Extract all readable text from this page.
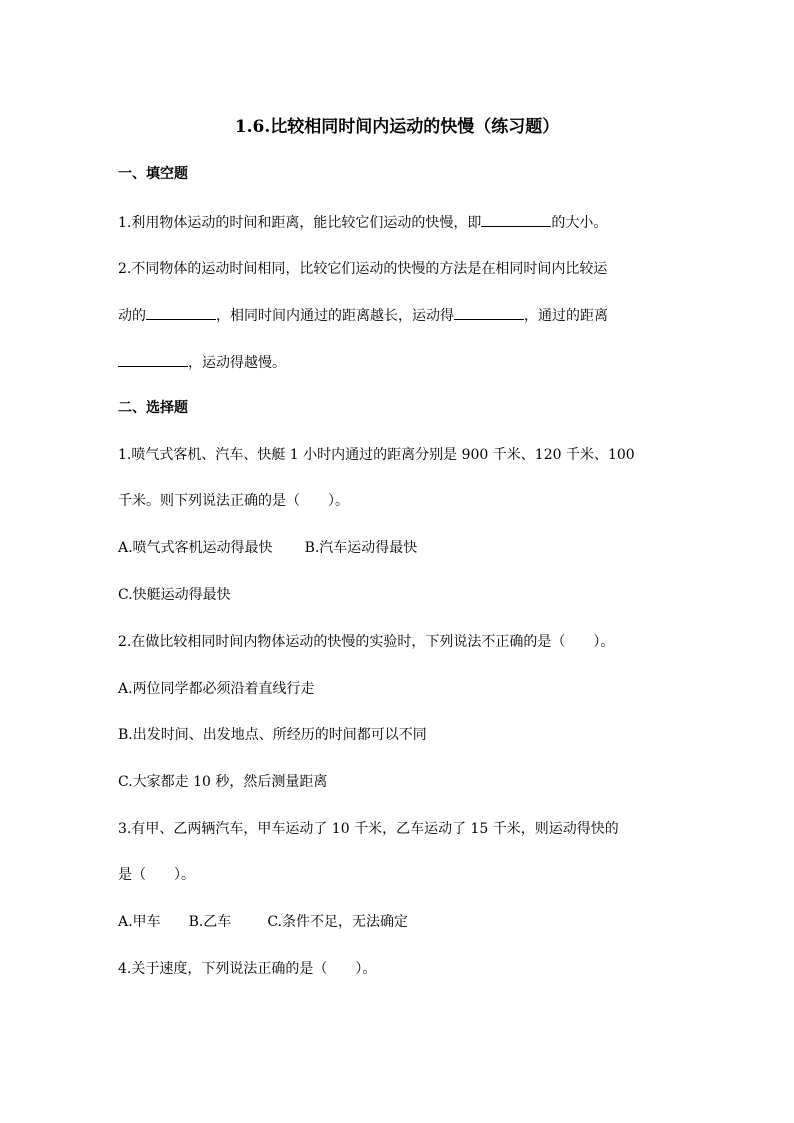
1.6.比较相同时间内运动的快慢（练习题）
一、填空题
1.利用物体运动的时间和距离，能比较它们运动的快慢，即	的大小。
2.不同物体的运动时间相同，比较它们运动的快慢的方法是在相同时间内比较运
动的	，相同时间内通过的距离越长，运动得	，通过的距离
，运动得越慢。
二、选择题
1.喷气式客机、汽车、快艇 1 小时内通过的距离分别是 900 千米、120 千米、100
千米。则下列说法正确的是（　　）。
A.喷气式客机运动得最快 B.汽车运动得最快
C.快艇运动得最快
2.在做比较相同时间内物体运动的快慢的实验时，下列说法不正确的是（　　）。
A.两位同学都必须沿着直线行走
B.出发时间、出发地点、所经历的时间都可以不同
C.大家都走 10 秒，然后测量距离
3.有甲、乙两辆汽车，甲车运动了 10 千米，乙车运动了 15 千米，则运动得快的
是（　　）。
A.甲车 B.乙车	C.条件不足，无法确定
4.关于速度，下列说法正确的是（　　）。
